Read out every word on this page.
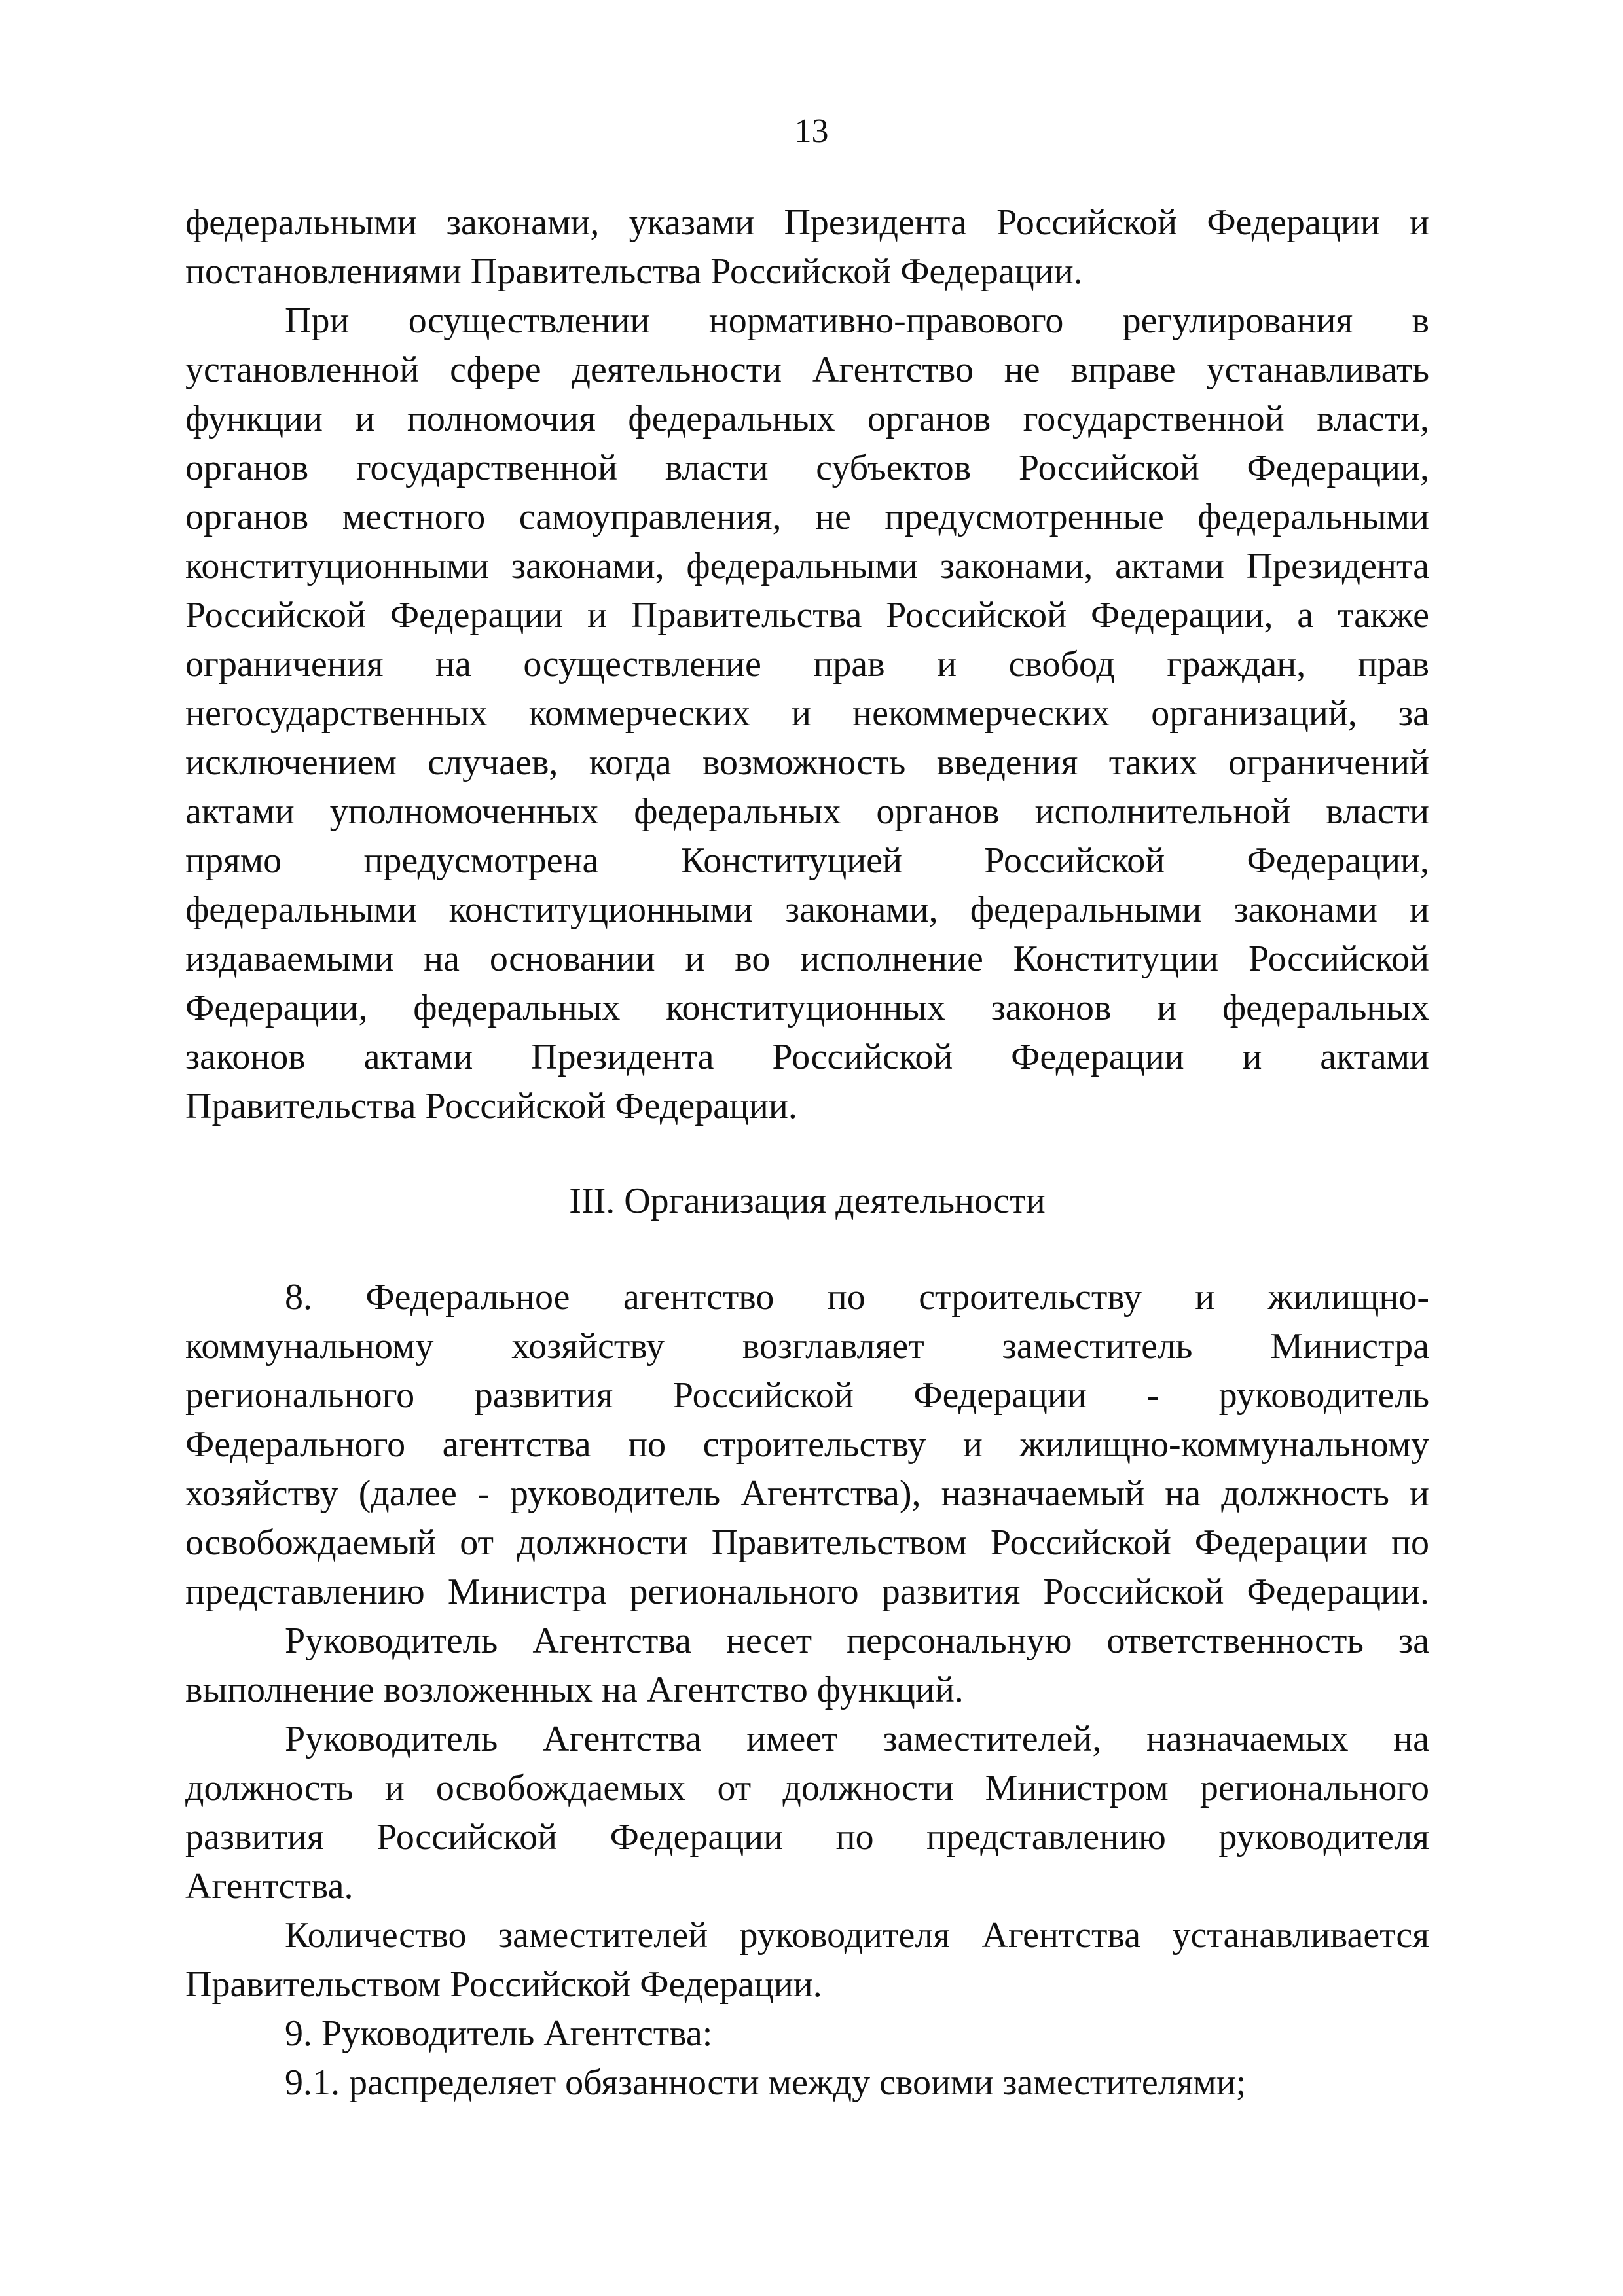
13
федеральными законами, указами Президента Российской Федерации и
постановлениями Правительства Российской Федерации.
При осуществлении нормативно-правового регулирования в
установленной сфере деятельности Агентство не вправе устанавливать
функции и полномочия федеральных органов государственной власти,
органов государственной власти субъектов Российской Федерации,
органов местного самоуправления, не предусмотренные федеральными
конституционными законами, федеральными законами, актами Президента
Российской Федерации и Правительства Российской Федерации, а также
ограничения на осуществление прав и свобод граждан, прав
негосударственных коммерческих и некоммерческих организаций, за
исключением случаев, когда возможность введения таких ограничений
актами уполномоченных федеральных органов исполнительной власти
прямо предусмотрена Конституцией Российской Федерации,
федеральными конституционными законами, федеральными законами и
издаваемыми на основании и во исполнение Конституции Российской
Федерации, федеральных конституционных законов и федеральных
законов актами Президента Российской Федерации и актами
Правительства Российской Федерации.
III. Организация деятельности
8. Федеральное агентство по строительству и жилищно-
коммунальному хозяйству возглавляет заместитель Министра
регионального развития Российской Федерации - руководитель
Федерального агентства по строительству и жилищно-коммунальному
хозяйству (далее - руководитель Агентства), назначаемый на должность и
освобождаемый от должности Правительством Российской Федерации по
представлению Министра регионального развития Российской Федерации.
Руководитель Агентства несет персональную ответственность за
выполнение возложенных на Агентство функций.
Руководитель Агентства имеет заместителей, назначаемых на
должность и освобождаемых от должности Министром регионального
развития Российской Федерации по представлению руководителя
Агентства.
Количество заместителей руководителя Агентства устанавливается
Правительством Российской Федерации.
9. Руководитель Агентства:
9.1. распределяет обязанности между своими заместителями;
